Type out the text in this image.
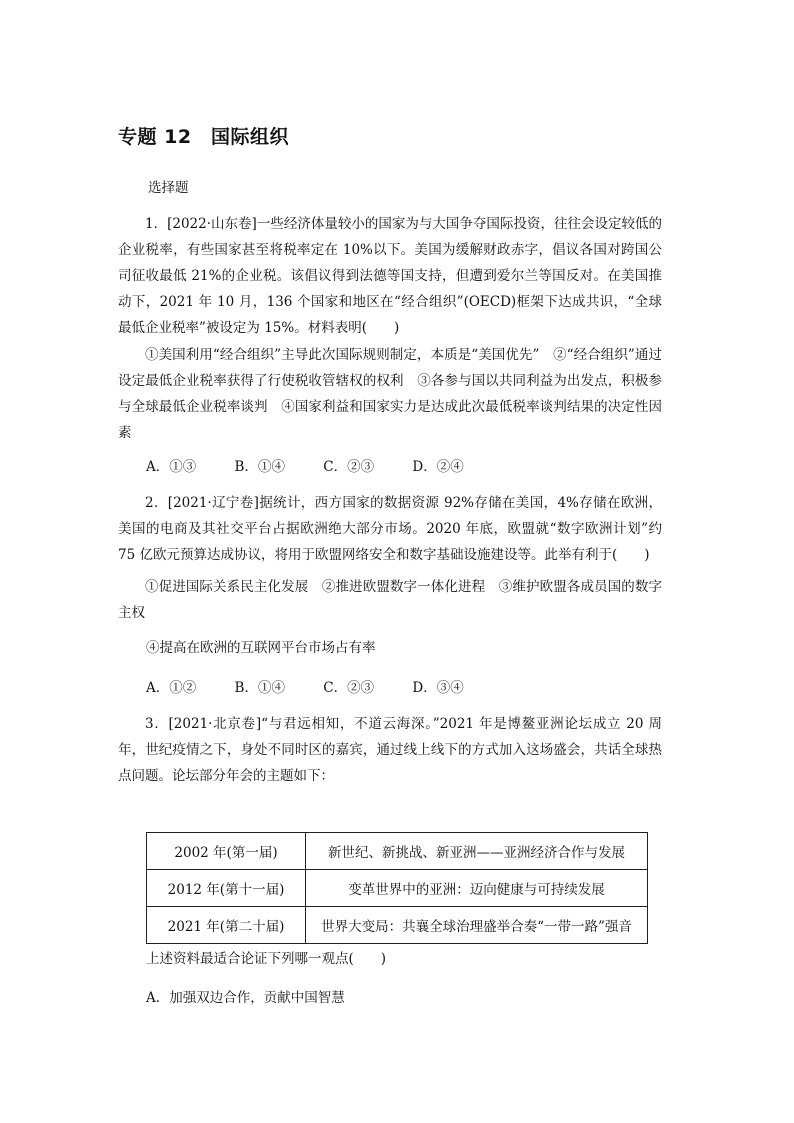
专题 12　国际组织
选择题
1．[2022·山东卷]一些经济体量较小的国家为与大国争夺国际投资，往往会设定较低的企业税率，有些国家甚至将税率定在 10%以下。美国为缓解财政赤字，倡议各国对跨国公司征收最低 21%的企业税。该倡议得到法德等国支持，但遭到爱尔兰等国反对。在美国推动下，2021 年 10 月，136 个国家和地区在“经合组织”(OECD)框架下达成共识，“全球最低企业税率”被设定为 15%。材料表明(　　)
①美国利用“经合组织”主导此次国际规则制定，本质是“美国优先”　②“经合组织”通过设定最低企业税率获得了行使税收管辖权的权利　③各参与国以共同利益为出发点，积极参与全球最低企业税率谈判　④国家利益和国家实力是达成此次最低税率谈判结果的决定性因素
A．①③	B．①④	C．②③	D．②④
2．[2021·辽宁卷]据统计，西方国家的数据资源 92%存储在美国，4%存储在欧洲，美国的电商及其社交平台占据欧洲绝大部分市场。2020 年底，欧盟就“数字欧洲计划”约 75 亿欧元预算达成协议，将用于欧盟网络安全和数字基础设施建设等。此举有利于(　　)
①促进国际关系民主化发展　②推进欧盟数字一体化进程　③维护欧盟各成员国的数字主权
④提高在欧洲的互联网平台市场占有率
A．①②	B．①④	C．②③	D．③④
3．[2021·北京卷]“与君远相知，不道云海深。”2021 年是博鳌亚洲论坛成立 20 周年，世纪疫情之下，身处不同时区的嘉宾，通过线上线下的方式加入这场盛会，共话全球热点问题。论坛部分年会的主题如下：
2002 年(第一届)	新世纪、新挑战、新亚洲——亚洲经济合作与发展
2012 年(第十一届)	变革世界中的亚洲：迈向健康与可持续发展
2021 年(第二十届)	世界大变局：共襄全球治理盛举合奏“一带一路”强音
上述资料最适合论证下列哪一观点(　　)
A．加强双边合作，贡献中国智慧
